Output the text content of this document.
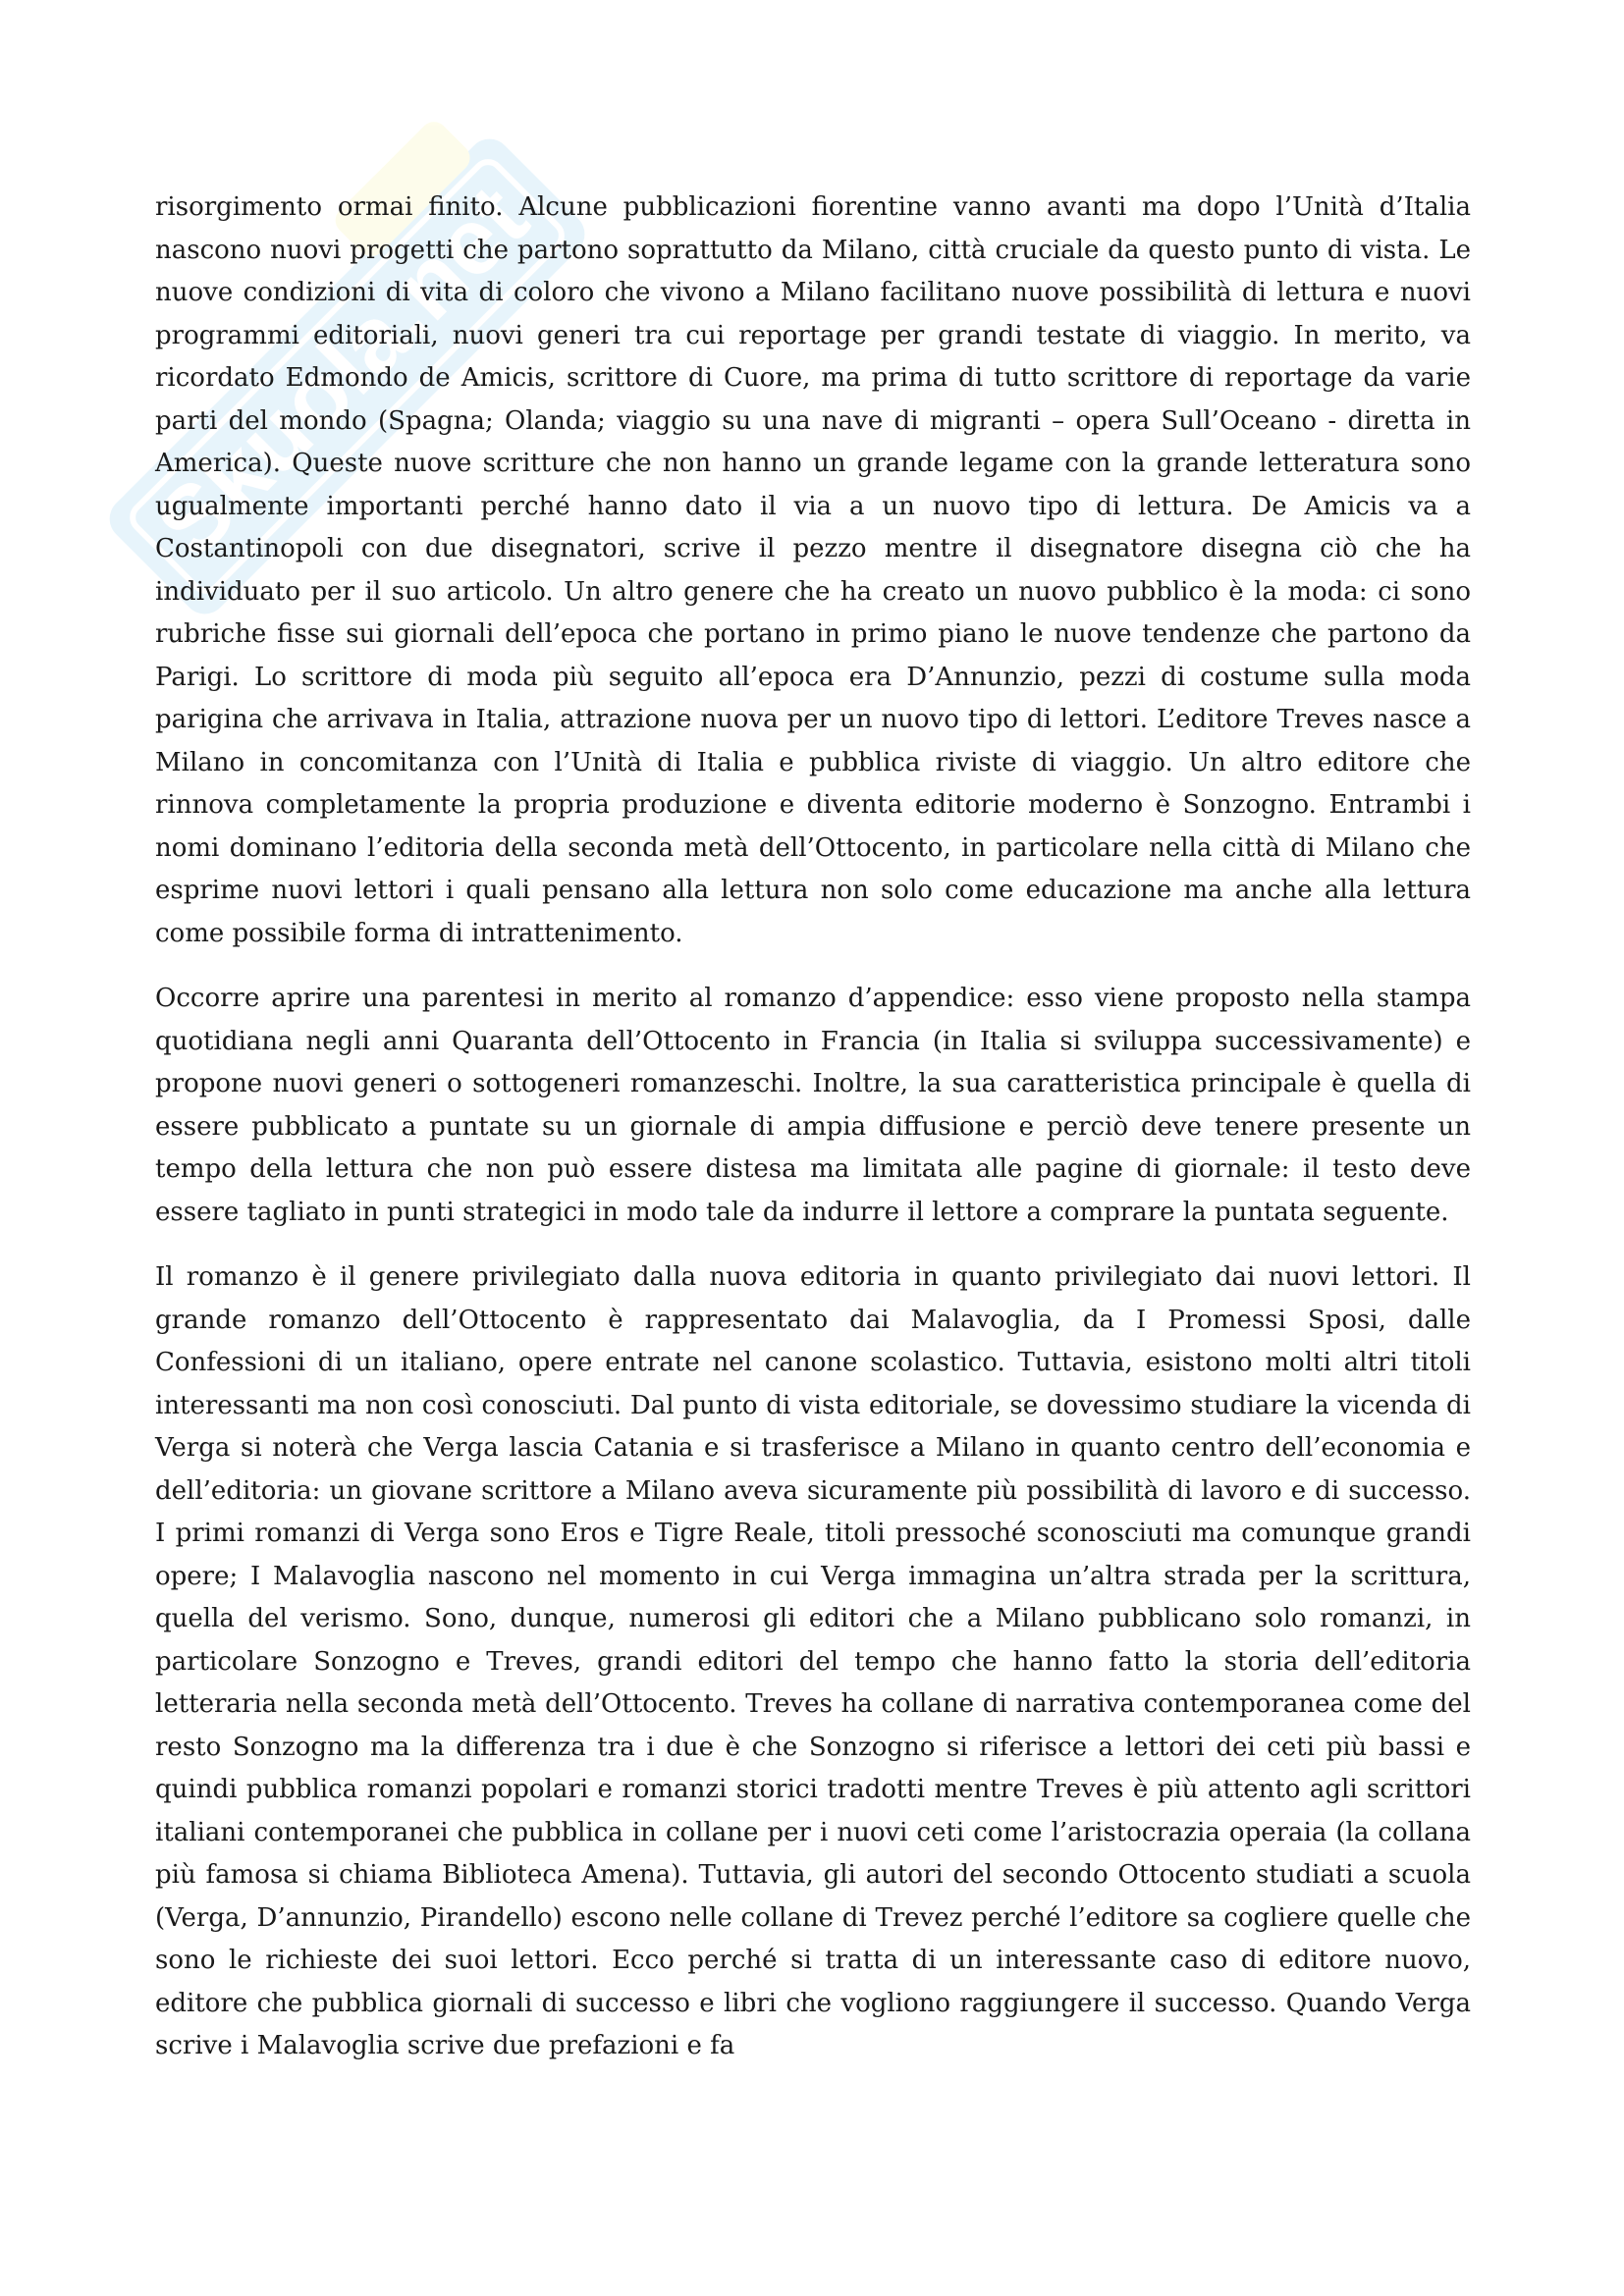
Skuola.net

risorgimento ormai finito. Alcune pubblicazioni fiorentine vanno avanti ma dopo l’Unità d’Italia nascono nuovi progetti che partono soprattutto da Milano, città cruciale da questo punto di vista. Le nuove condizioni di vita di coloro che vivono a Milano facilitano nuove possibilità di lettura e nuovi programmi editoriali, nuovi generi tra cui reportage per grandi testate di viaggio. In merito, va ricordato Edmondo de Amicis, scrittore di Cuore, ma prima di tutto scrittore di reportage da varie parti del mondo (Spagna; Olanda; viaggio su una nave di migranti – opera Sull’Oceano - diretta in America). Queste nuove scritture che non hanno un grande legame con la grande letteratura sono ugualmente importanti perché hanno dato il via a un nuovo tipo di lettura. De Amicis va a Costantinopoli con due disegnatori, scrive il pezzo mentre il disegnatore disegna ciò che ha individuato per il suo articolo. Un altro genere che ha creato un nuovo pubblico è la moda: ci sono rubriche fisse sui giornali dell’epoca che portano in primo piano le nuove tendenze che partono da Parigi. Lo scrittore di moda più seguito all’epoca era D’Annunzio, pezzi di costume sulla moda parigina che arrivava in Italia, attrazione nuova per un nuovo tipo di lettori. L’editore Treves nasce a Milano in concomitanza con l’Unità di Italia e pubblica riviste di viaggio. Un altro editore che rinnova completamente la propria produzione e diventa editorie moderno è Sonzogno. Entrambi i nomi dominano l’editoria della seconda metà dell’Ottocento, in particolare nella città di Milano che esprime nuovi lettori i quali pensano alla lettura non solo come educazione ma anche alla lettura come possibile forma di intrattenimento.

Occorre aprire una parentesi in merito al romanzo d’appendice: esso viene proposto nella stampa quotidiana negli anni Quaranta dell’Ottocento in Francia (in Italia si sviluppa successivamente) e propone nuovi generi o sottogeneri romanzeschi. Inoltre, la sua caratteristica principale è quella di essere pubblicato a puntate su un giornale di ampia diffusione e perciò deve tenere presente un tempo della lettura che non può essere distesa ma limitata alle pagine di giornale: il testo deve essere tagliato in punti strategici in modo tale da indurre il lettore a comprare la puntata seguente.

Il romanzo è il genere privilegiato dalla nuova editoria in quanto privilegiato dai nuovi lettori. Il grande romanzo dell’Ottocento è rappresentato dai Malavoglia, da I Promessi Sposi, dalle Confessioni di un italiano, opere entrate nel canone scolastico. Tuttavia, esistono molti altri titoli interessanti ma non così conosciuti. Dal punto di vista editoriale, se dovessimo studiare la vicenda di Verga si noterà che Verga lascia Catania e si trasferisce a Milano in quanto centro dell’economia e dell’editoria: un giovane scrittore a Milano aveva sicuramente più possibilità di lavoro e di successo. I primi romanzi di Verga sono Eros e Tigre Reale, titoli pressoché sconosciuti ma comunque grandi opere; I Malavoglia nascono nel momento in cui Verga immagina un’altra strada per la scrittura, quella del verismo. Sono, dunque, numerosi gli editori che a Milano pubblicano solo romanzi, in particolare Sonzogno e Treves, grandi editori del tempo che hanno fatto la storia dell’editoria letteraria nella seconda metà dell’Ottocento. Treves ha collane di narrativa contemporanea come del resto Sonzogno ma la differenza tra i due è che Sonzogno si riferisce a lettori dei ceti più bassi e quindi pubblica romanzi popolari e romanzi storici tradotti mentre Treves è più attento agli scrittori italiani contemporanei che pubblica in collane per i nuovi ceti come l’aristocrazia operaia (la collana più famosa si chiama Biblioteca Amena). Tuttavia, gli autori del secondo Ottocento studiati a scuola (Verga, D’annunzio, Pirandello) escono nelle collane di Trevez perché l’editore sa cogliere quelle che sono le richieste dei suoi lettori. Ecco perché si tratta di un interessante caso di editore nuovo, editore che pubblica giornali di successo e libri che vogliono raggiungere il successo. Quando Verga scrive i Malavoglia scrive due prefazioni e fa
